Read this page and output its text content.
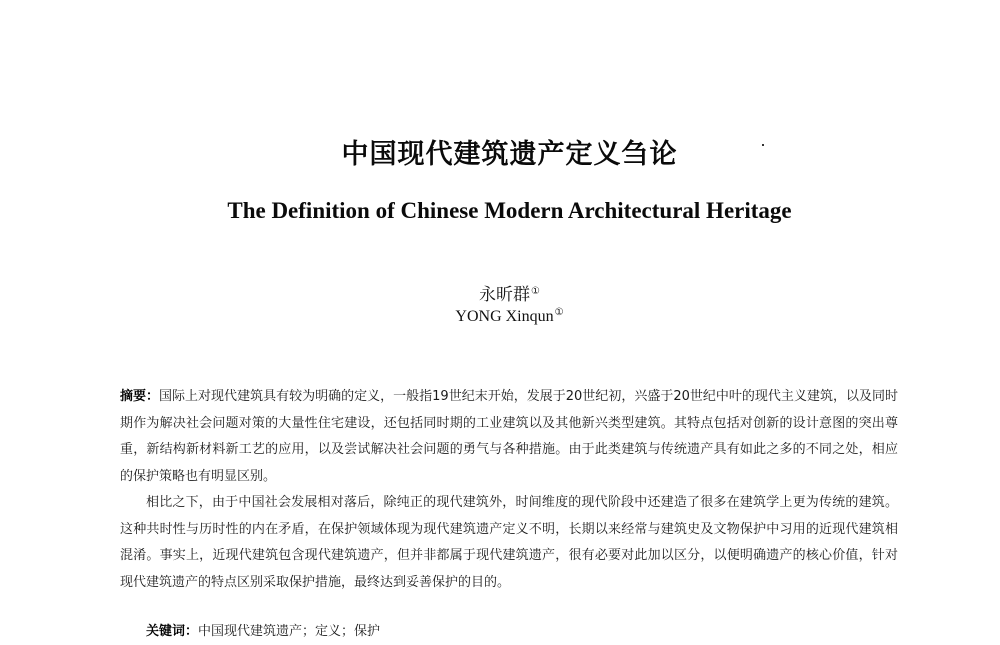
中国现代建筑遗产定义刍论
The Definition of Chinese Modern Architectural Heritage
永昕群①
YONG Xinqun①

摘要：国际上对现代建筑具有较为明确的定义，一般指19世纪末开始，发展于20世纪初，兴盛于20世纪中叶的现代主义建筑，以及同时期作为解决社会问题对策的大量性住宅建设，还包括同时期的工业建筑以及其他新兴类型建筑。其特点包括对创新的设计意图的突出尊重，新结构新材料新工艺的应用，以及尝试解决社会问题的勇气与各种措施。由于此类建筑与传统遗产具有如此之多的不同之处，相应的保护策略也有明显区别。

相比之下，由于中国社会发展相对落后，除纯正的现代建筑外，时间维度的现代阶段中还建造了很多在建筑学上更为传统的建筑。这种共时性与历时性的内在矛盾，在保护领域体现为现代建筑遗产定义不明，长期以来经常与建筑史及文物保护中习用的近现代建筑相混淆。事实上，近现代建筑包含现代建筑遗产，但并非都属于现代建筑遗产，很有必要对此加以区分，以便明确遗产的核心价值，针对现代建筑遗产的特点区别采取保护措施，最终达到妥善保护的目的。

关键词：中国现代建筑遗产；定义；保护
